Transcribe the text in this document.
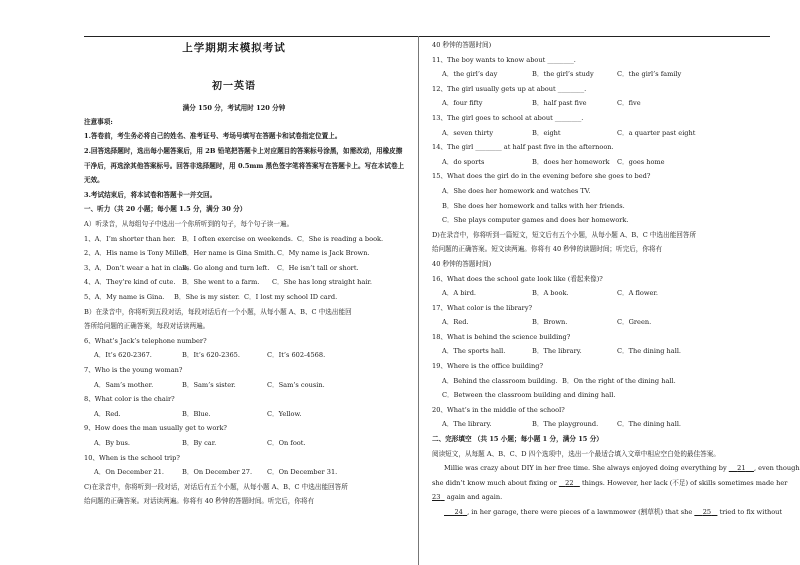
上学期期末模拟考试
初一英语
满分 150 分，考试用时 120 分钟
注意事项:
1.答卷前，考生务必将自己的姓名、准考证号、考场号填写在答题卡和试卷指定位置上。
2.回答选择题时，选出每小题答案后，用 2B 铅笔把答题卡上对应题目的答案标号涂黑，如需改动，用橡皮擦
干净后，再选涂其他答案标号。回答非选择题时，用 0.5mm 黑色签字笔将答案写在答题卡上。写在本试卷上
无效。
3.考试结束后，将本试卷和答题卡一并交回。
一、听力（共 20 小题；每小题 1.5 分，满分 30 分）
A）听录音，从每组句子中选出一个你所听到的句子，每个句子读一遍。
1、A．I’m shorter than her. B．I often exercise on weekends. C．She is reading a book.
2、A．His name is Tony Miller.B．Her name is Gina Smith.C．My name is Jack Brown.
3、A．Don’t wear a hat in class.B．Go along and turn left. C．He isn’t tall or short.
4、A．They’re kind of cute. B．She went to a farm. C．She has long straight hair.
5、A．My name is Gina. B．She is my sister. C．I lost my school ID card.
B）在录音中，你将听到五段对话，每段对话后有一个小题，从每小题 A、B、C 中选出能回
答所给问题的正确答案，每段对话读两遍。
6、What’s Jack’s telephone number?
A．It’s 620-2367.	B．It’s 620-2365.	C．It’s 602-4568.
7、Who is the young woman?
A．Sam’s mother.	B．Sam’s sister.	C．Sam’s cousin.
8、What color is the chair?
A．Red.	B．Blue.	C．Yellow.
9、How does the man usually get to work?
A．By bus.	B．By car.	C．On foot.
10、When is the school trip?
A．On December 21.	B．On December 27.	C．On December 31.
C)在录音中，你将听到一段对话，对话后有五个小题，从每小题 A、B、C 中选出能回答所
给问题的正确答案。对话读两遍。你将有 40 秒钟的答题时间。听完后，你将有
40 秒钟的答题时间)
11、The boy wants to know about ________.
A．the girl’s day	B．the girl’s study	C．the girl’s family
12、The girl usually gets up at about ________.
A．four fifty	B．half past five	C．five
13、The girl goes to school at about ________.
A．seven thirty	B．eight	C．a quarter past eight
14、The girl ________ at half past five in the afternoon.
A．do sports	B．does her homework	C．goes home
15、What does the girl do in the evening before she goes to bed?
A．She does her homework and watches TV.
B．She does her homework and talks with her friends.
C．She plays computer games and does her homework.
D)在录音中，你将听到一篇短文，短文后有五个小题，从每小题 A、B、C 中选出能回答所
给问题的正确答案。短文读两遍。你将有 40 秒钟的读题时间；听完后，你将有
40 秒钟的答题时间)
16、What does the school gate look like (看起来像)?
A．A bird.	B．A book.	C．A flower.
17、What color is the library?
A．Red.	B．Brown.	C．Green.
18、What is behind the science building?
A．The sports hall.	B．The library.	C．The dining hall.
19、Where is the office building?
A．Behind the classroom building. B．On the right of the dining hall.
C．Between the classroom building and dining hall.
20、What’s in the middle of the school?
A．The library.	B．The playground.	C．The dining hall.
二、完形填空 （共 15 小题；每小题 1 分，满分 15 分）
阅读短文，从每题 A、B、C、D 四个选项中，选出一个最适合填入文章中相应空白处的最佳答案。
Millie was crazy about DIY in her free time. She always enjoyed doing everything by     21 , even though
she didn’t know much about fixing or    22    things. However, her lack (不足) of skills sometimes made her
23   again and again.
24 , in her garage, there were pieces of a lawnmower (割草机) that she     25    tried to fix without
